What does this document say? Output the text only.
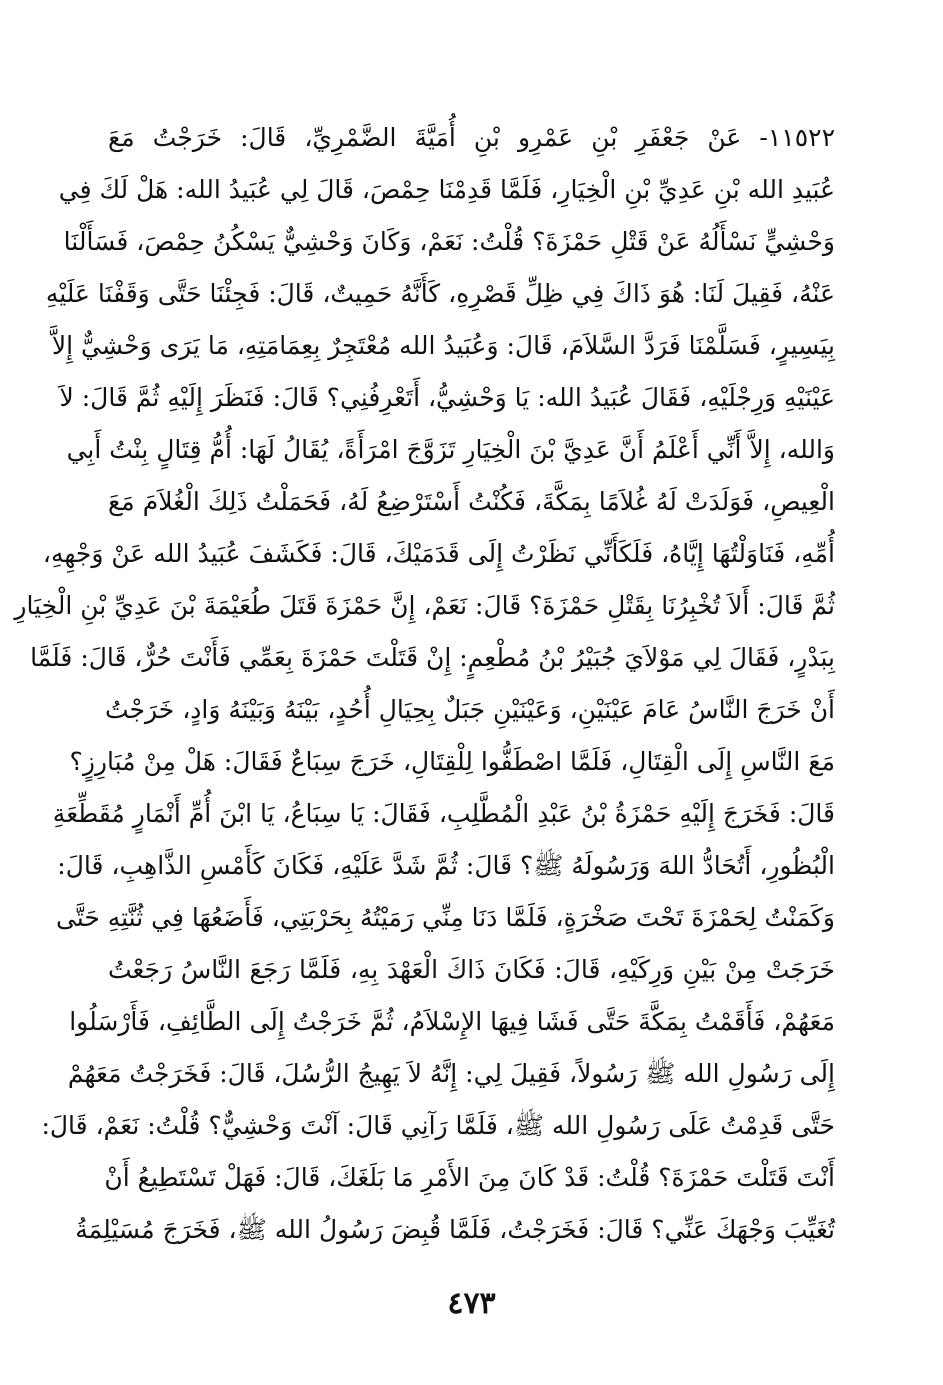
١١٥٢٢- عَنْ جَعْفَرِ بْنِ عَمْرِو بْنِ أُمَيَّةَ الضَّمْرِيِّ، قَالَ: خَرَجْتُ مَعَ
عُبَيدِ الله بْنِ عَدِيِّ بْنِ الْخِيَارِ، فَلَمَّا قَدِمْنَا حِمْصَ، قَالَ لِي عُبَيدُ الله: هَلْ لَكَ فِي
وَحْشِيٍّ نَسْأَلُهُ عَنْ قَتْلِ حَمْزَةَ؟ قُلْتُ: نَعَمْ، وَكَانَ وَحْشِيٌّ يَسْكُنُ حِمْصَ، فَسَأَلْنَا
عَنْهُ، فَقِيلَ لَنَا: هُوَ ذَاكَ فِي ظِلِّ قَصْرِهِ، كَأَنَّهُ حَمِيتٌ، قَالَ: فَجِئْنَا حَتَّى وَقَفْنَا عَلَيْهِ
بِيَسِيرٍ، فَسَلَّمْنَا فَرَدَّ السَّلاَمَ، قَالَ: وَعُبَيدُ الله مُعْتَجِرٌ بِعِمَامَتِهِ، مَا يَرَى وَحْشِيٌّ إِلاَّ
عَيْنَيْهِ وَرِجْلَيْهِ، فَقَالَ عُبَيدُ الله: يَا وَحْشِيُّ، أَتَعْرِفُنِي؟ قَالَ: فَنَظَرَ إِلَيْهِ ثُمَّ قَالَ: لاَ
وَالله، إِلاَّ أَنِّي أَعْلَمُ أَنَّ عَدِيَّ بْنَ الْخِيَارِ تَزَوَّجَ امْرَأَةً، يُقَالُ لَهَا: أُمُّ قِتَالٍ بِنْتُ أَبِي
الْعِيصِ، فَوَلَدَتْ لَهُ غُلاَمًا بِمَكَّةَ، فَكُنْتُ أَسْتَرْضِعُ لَهُ، فَحَمَلْتُ ذَلِكَ الْغُلاَمَ مَعَ
أُمِّهِ، فَنَاوَلْتُهَا إِيَّاهُ، فَلَكَأَنِّي نَظَرْتُ إِلَى قَدَمَيْكَ، قَالَ: فَكَشَفَ عُبَيدُ الله عَنْ وَجْهِهِ،
ثُمَّ قَالَ: أَلاَ تُخْبِرُنَا بِقَتْلِ حَمْزَةَ؟ قَالَ: نَعَمْ، إِنَّ حَمْزَةَ قَتَلَ طُعَيْمَةَ بْنَ عَدِيِّ بْنِ الْخِيَارِ
بِبَدْرٍ، فَقَالَ لِي مَوْلاَيَ جُبَيْرُ بْنُ مُطْعِمٍ: إِنْ قَتَلْتَ حَمْزَةَ بِعَمِّي فَأَنْتَ حُرٌّ، قَالَ: فَلَمَّا
أَنْ خَرَجَ النَّاسُ عَامَ عَيْنَيْنِ، وَعَيْنَيْنِ جَبَلٌ بِحِيَالِ أُحُدٍ، بَيْنَهُ وَبَيْنَهُ وَادٍ، خَرَجْتُ
مَعَ النَّاسِ إِلَى الْقِتَالِ، فَلَمَّا اصْطَفُّوا لِلْقِتَالِ، خَرَجَ سِبَاعٌ فَقَالَ: هَلْ مِنْ مُبَارِزٍ؟
قَالَ: فَخَرَجَ إِلَيْهِ حَمْزَةُ بْنُ عَبْدِ الْمُطَّلِبِ، فَقَالَ: يَا سِبَاعُ، يَا ابْنَ أُمِّ أَنْمَارٍ مُقَطِّعَةِ
الْبُظُورِ، أَتُحَادُّ اللهَ وَرَسُولَهُ ﷺ؟ قَالَ: ثُمَّ شَدَّ عَلَيْهِ، فَكَانَ كَأَمْسِ الذَّاهِبِ، قَالَ:
وَكَمَنْتُ لِحَمْزَةَ تَحْتَ صَخْرَةٍ، فَلَمَّا دَنَا مِنِّي رَمَيْتُهُ بِحَرْبَتِي، فَأَضَعُهَا فِي ثُنَّتِهِ حَتَّى
خَرَجَتْ مِنْ بَيْنِ وَرِكَيْهِ، قَالَ: فَكَانَ ذَاكَ الْعَهْدَ بِهِ، فَلَمَّا رَجَعَ النَّاسُ رَجَعْتُ
مَعَهُمْ، فَأَقَمْتُ بِمَكَّةَ حَتَّى فَشَا فِيهَا الإِسْلاَمُ، ثُمَّ خَرَجْتُ إِلَى الطَّائِفِ، فَأَرْسَلُوا
إِلَى رَسُولِ الله ﷺ رَسُولاً، فَقِيلَ لِي: إِنَّهُ لاَ يَهِيجُ الرُّسُلَ، قَالَ: فَخَرَجْتُ مَعَهُمْ
حَتَّى قَدِمْتُ عَلَى رَسُولِ الله ﷺ، فَلَمَّا رَآنِي قَالَ: آنْتَ وَحْشِيٌّ؟ قُلْتُ: نَعَمْ، قَالَ:
أَنْتَ قَتَلْتَ حَمْزَةَ؟ قُلْتُ: قَدْ كَانَ مِنَ الأَمْرِ مَا بَلَغَكَ، قَالَ: فَهَلْ تَسْتَطِيعُ أَنْ
تُغَيِّبَ وَجْهَكَ عَنِّي؟ قَالَ: فَخَرَجْتُ، فَلَمَّا قُبِضَ رَسُولُ الله ﷺ، فَخَرَجَ مُسَيْلِمَةُ
٤٧٣
